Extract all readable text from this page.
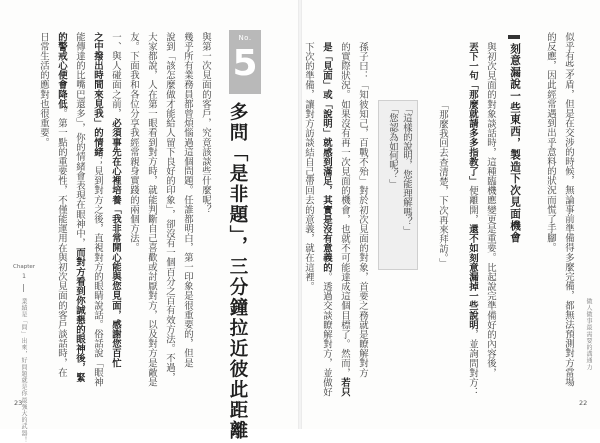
No.
5
多問「是非題」，三分鐘拉近彼此距離
與第一次見面的客戶，究竟該談些什麼呢？
幾乎所有業務員都曾煩惱過這個問題。任誰都明白，第一印象是很重要的，但是
說到「該怎麼做才能給人留下良好的印象」，卻沒有一個百分之百有效方法。不過，
大家都說，人在第一眼看到對方時，就能判斷自己喜歡或討厭對方，以及對方是敵是
友。下面我和各位分享我經常親身實踐的兩個方法。
一、與人碰面之前，必須事先在心裡培養「我非常開心能與您見面，感謝您百忙
之中撥出時間來見我」的情緒；見到對方之後，直視對方的眼睛說話。俗話說「眼神
能傳達的比嘴巴還多」，你的情緒會表現在眼神中，而對方看到你誠懇的眼神後，緊
的警戒心便會降低。第一點的重要性，不僅能運用在與初次見面的客戶談話時，在
日常生活的應對也很重要。
Chapter
1
業績是「問」出來，好問題就是你最強大的武器！
23
似乎有些矛盾，但是在交涉的時候，無論事前準備得多麼完備，都無法預測對方當場
的反應，因此經常遇到出乎意料的狀況而慌了手腳。
刻意漏說一些東西，製造下次見面機會
與初次見面的對象談話時，這種臨機應變更是重要。比起說完準備好的內容後，
丟下一句「那麼就請多多指教了」便離開，還不如刻意漏掉一些說明，並詢問對方：
「這樣的說明，您能理解嗎？」
「您認為如何呢？」	「那麼我回去查清楚，下次再來拜訪。」
孫子曰：「知彼知己，百戰不殆」對於初次見面的對象，首要之務就是瞭解對方
的實際狀況。如果沒有再一次見面的機會，也就不可能達成這個目標了。然而，若只
是「見面」或「說明」就感到滿足，其實是沒有意義的。透過交談瞭解對方，並做好
下次的準備，讓對方訪談結自己帶回去的意義，就在這裡。
做人做事最需要的溝通力
22
